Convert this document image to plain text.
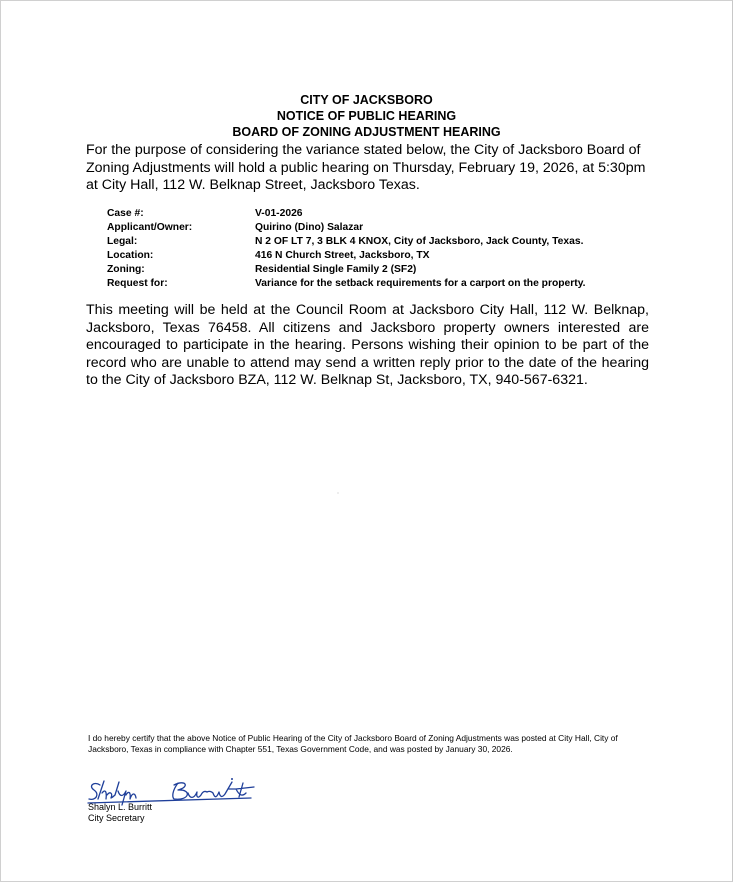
CITY OF JACKSBORO
NOTICE OF PUBLIC HEARING
BOARD OF ZONING ADJUSTMENT HEARING
For the purpose of considering the variance stated below, the City of Jacksboro Board of Zoning Adjustments will hold a public hearing on Thursday, February 19, 2026, at 5:30pm at City Hall, 112 W. Belknap Street, Jacksboro Texas.
Case #:	V-01-2026
Applicant/Owner:	Quirino (Dino) Salazar
Legal:	N 2 OF LT 7, 3 BLK 4 KNOX, City of Jacksboro, Jack County, Texas.
Location:	416 N Church Street, Jacksboro, TX
Zoning:	Residential Single Family 2 (SF2)
Request for:	Variance for the setback requirements for a carport on the property.
This meeting will be held at the Council Room at Jacksboro City Hall, 112 W. Belknap, Jacksboro, Texas 76458. All citizens and Jacksboro property owners interested are encouraged to participate in the hearing. Persons wishing their opinion to be part of the record who are unable to attend may send a written reply prior to the date of the hearing to the City of Jacksboro BZA, 112 W. Belknap St, Jacksboro, TX, 940-567-6321.
I do hereby certify that the above Notice of Public Hearing of the City of Jacksboro Board of Zoning Adjustments was posted at City Hall, City of Jacksboro, Texas in compliance with Chapter 551, Texas Government Code, and was posted by January 30, 2026.
Shalyn L. Burritt
City Secretary
